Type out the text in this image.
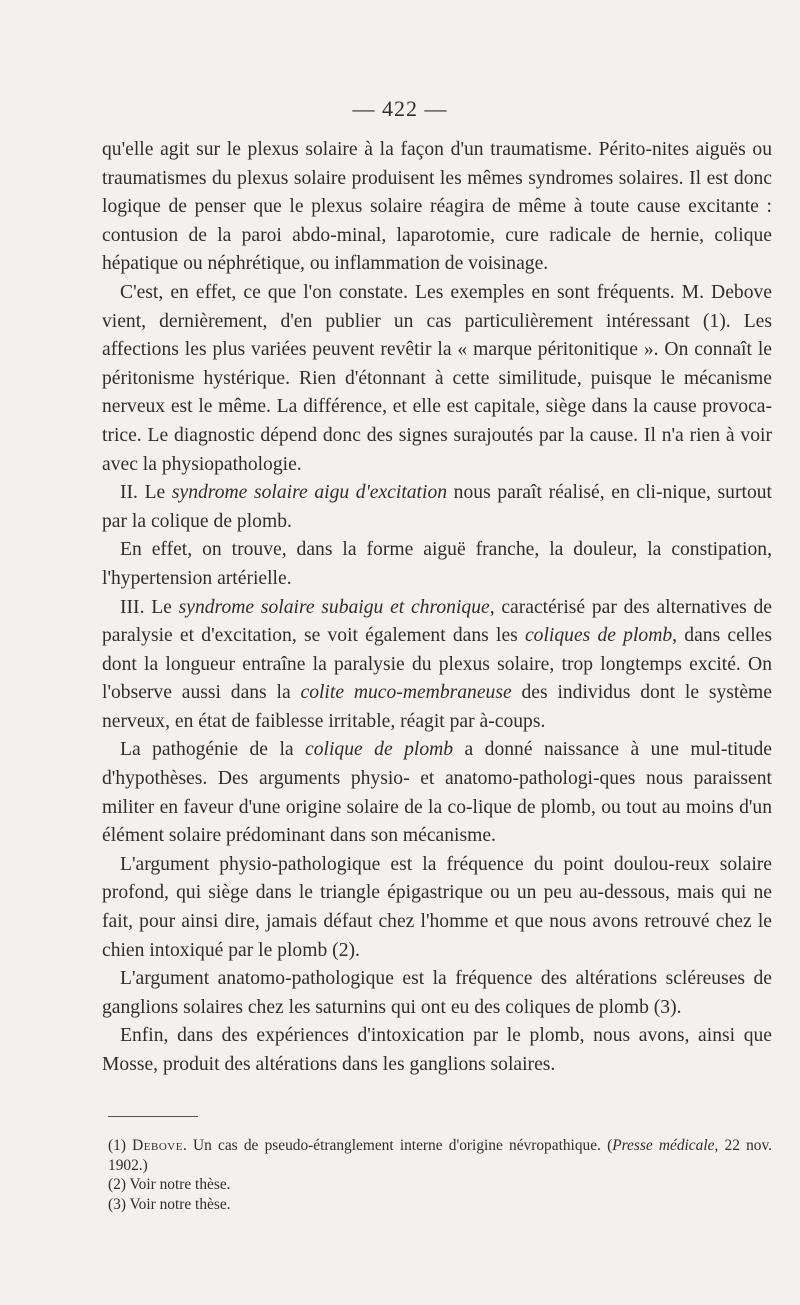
— 422 —

qu'elle agit sur le plexus solaire à la façon d'un traumatisme. Périto-nites aiguës ou traumatismes du plexus solaire produisent les mêmes syndromes solaires. Il est donc logique de penser que le plexus solaire réagira de même à toute cause excitante : contusion de la paroi abdo-minal, laparotomie, cure radicale de hernie, colique hépatique ou néphrétique, ou inflammation de voisinage.

C'est, en effet, ce que l'on constate. Les exemples en sont fréquents. M. Debove vient, dernièrement, d'en publier un cas particulièrement intéressant (1). Les affections les plus variées peuvent revêtir la « marque péritonitique ». On connaît le péritonisme hystérique. Rien d'étonnant à cette similitude, puisque le mécanisme nerveux est le même. La différence, et elle est capitale, siège dans la cause provoca-trice. Le diagnostic dépend donc des signes surajoutés par la cause. Il n'a rien à voir avec la physiopathologie.

II. Le syndrome solaire aigu d'excitation nous paraît réalisé, en cli-nique, surtout par la colique de plomb.

En effet, on trouve, dans la forme aiguë franche, la douleur, la constipation, l'hypertension artérielle.

III. Le syndrome solaire subaigu et chronique, caractérisé par des alternatives de paralysie et d'excitation, se voit également dans les coliques de plomb, dans celles dont la longueur entraîne la paralysie du plexus solaire, trop longtemps excité. On l'observe aussi dans la colite muco-membraneuse des individus dont le système nerveux, en état de faiblesse irritable, réagit par à-coups.

La pathogénie de la colique de plomb a donné naissance à une mul-titude d'hypothèses. Des arguments physio- et anatomo-pathologi-ques nous paraissent militer en faveur d'une origine solaire de la co-lique de plomb, ou tout au moins d'un élément solaire prédominant dans son mécanisme.

L'argument physio-pathologique est la fréquence du point doulou-reux solaire profond, qui siège dans le triangle épigastrique ou un peu au-dessous, mais qui ne fait, pour ainsi dire, jamais défaut chez l'homme et que nous avons retrouvé chez le chien intoxiqué par le plomb (2).

L'argument anatomo-pathologique est la fréquence des altérations scléreuses de ganglions solaires chez les saturnins qui ont eu des coliques de plomb (3).

Enfin, dans des expériences d'intoxication par le plomb, nous avons, ainsi que Mosse, produit des altérations dans les ganglions solaires.

(1) Debove. Un cas de pseudo-étranglement interne d'origine névropathique. (Presse médicale, 22 nov. 1902.)

(2) Voir notre thèse.

(3) Voir notre thèse.
